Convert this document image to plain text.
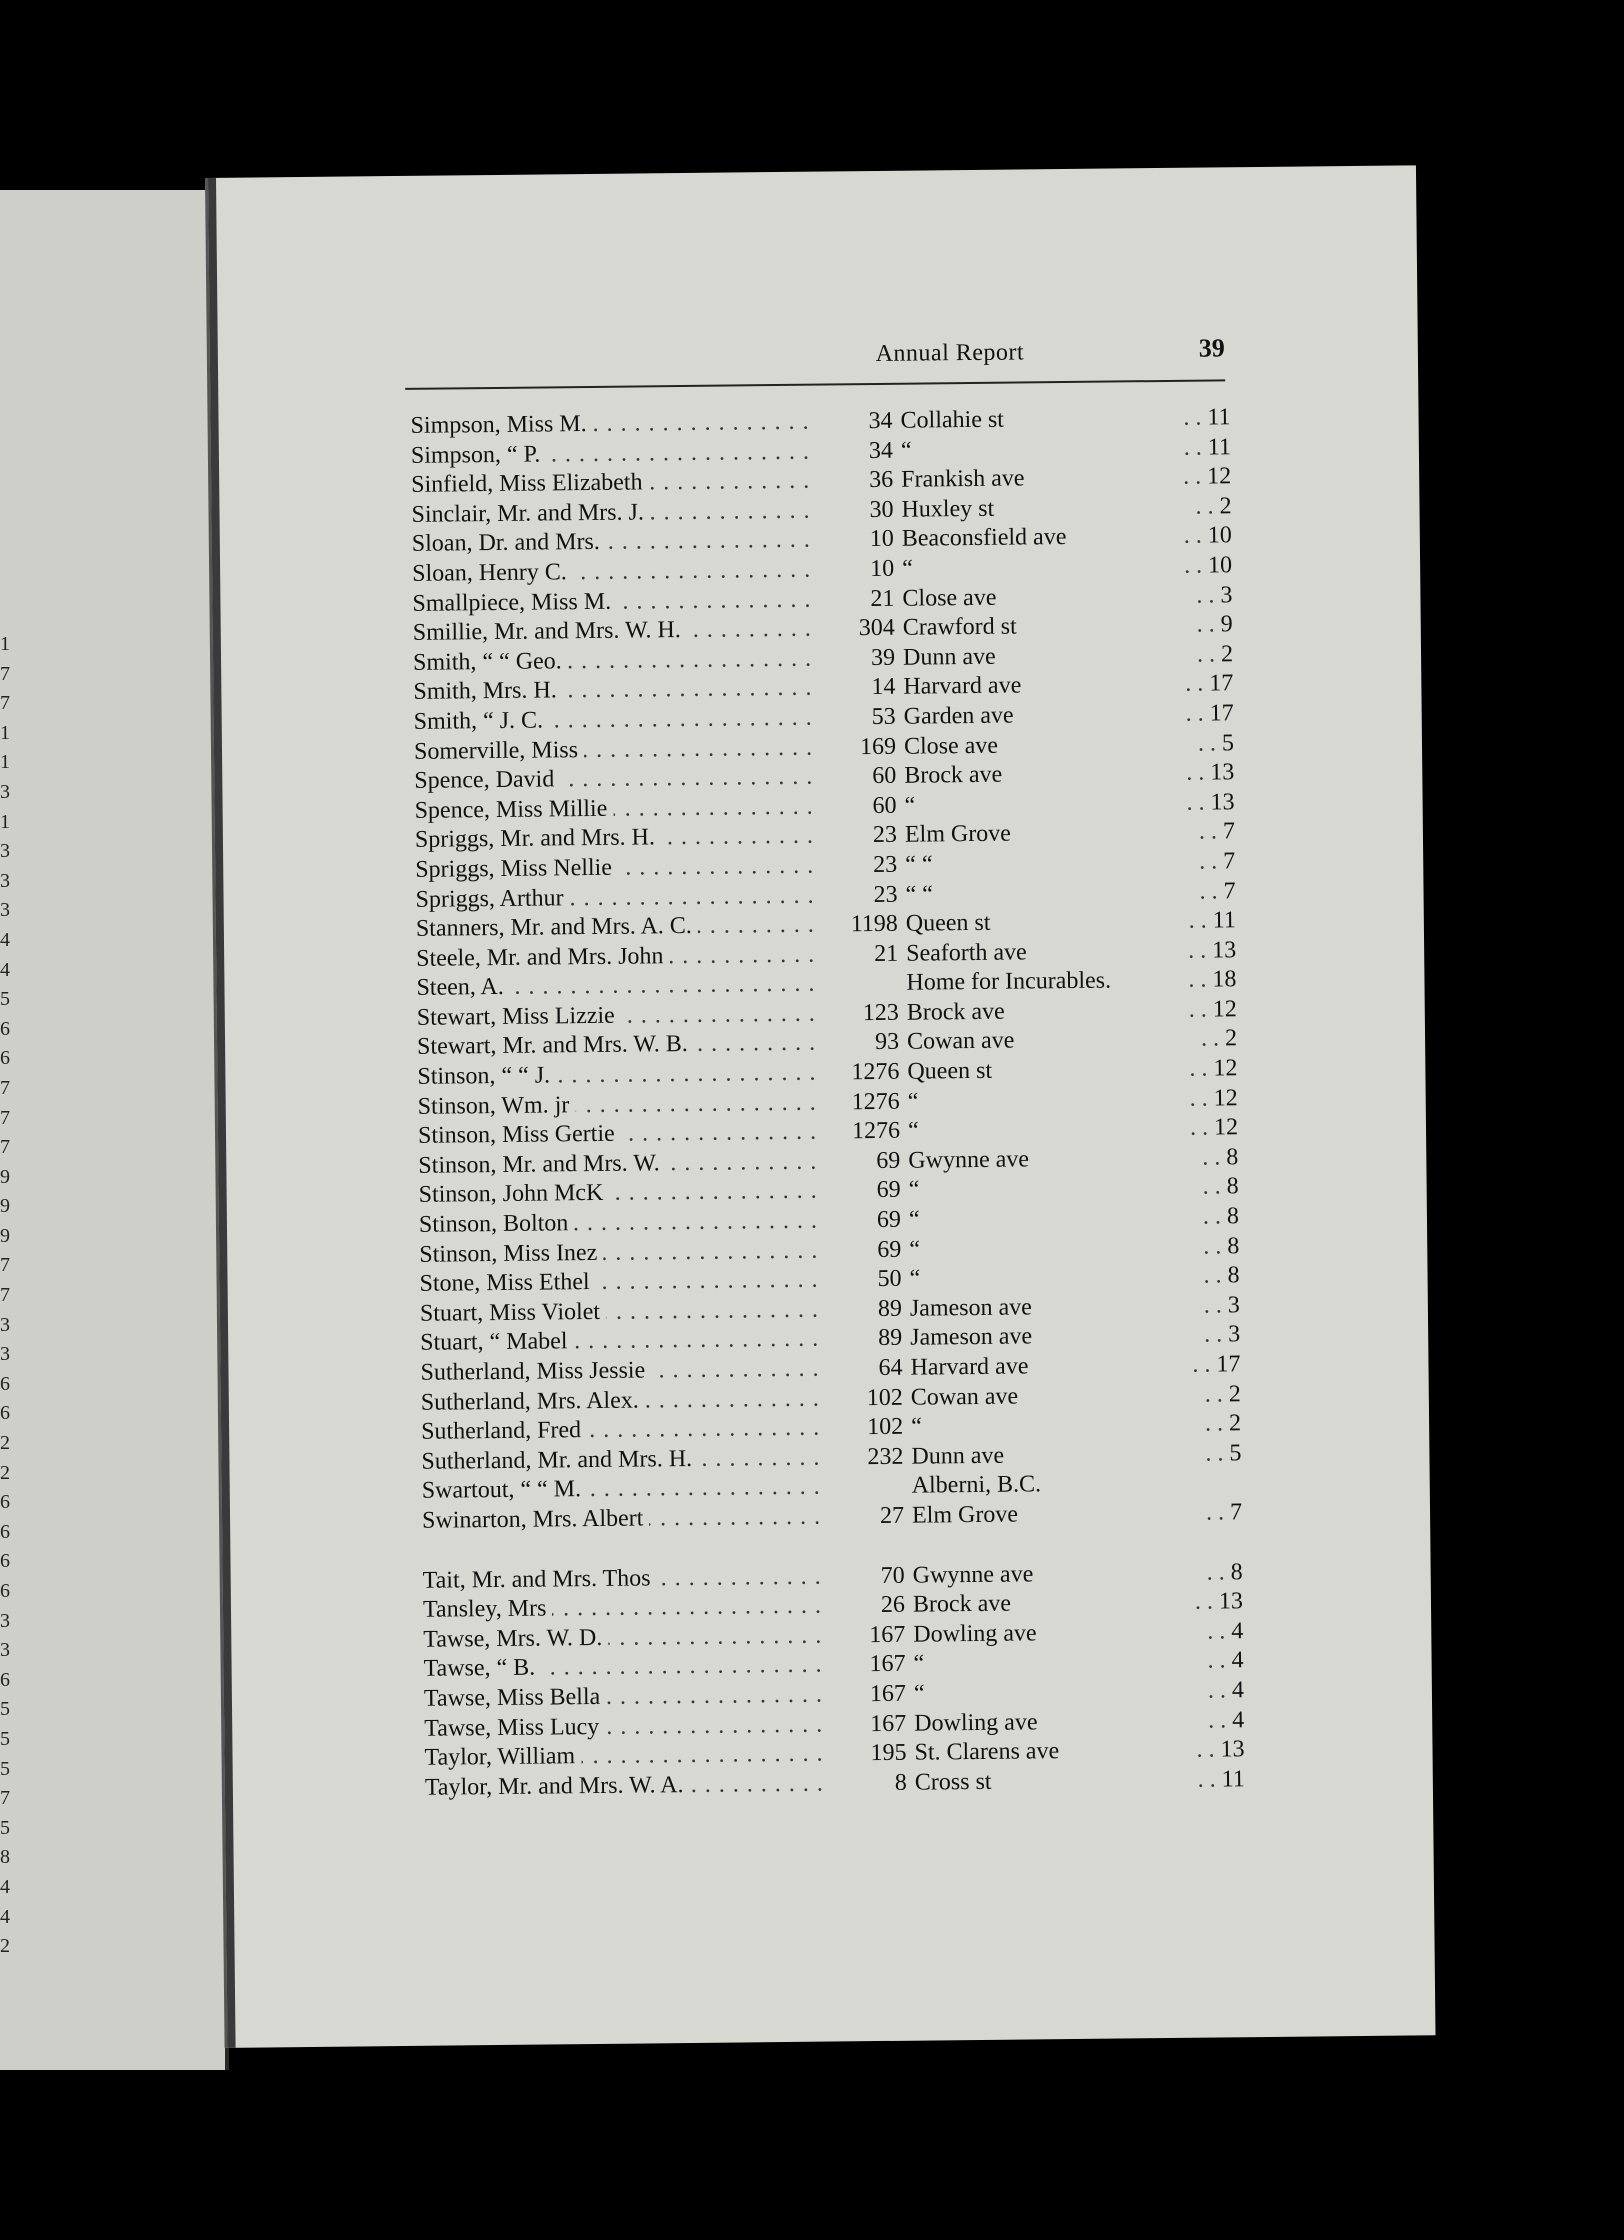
1
7
7
1
1
3
1
3
3
3
4
4
5
6
6
7
7
7
9
9
9
7
7
3
3
6
6
2
2
6
6
6
6
3
3
6
5
5
5
7
5
8
4
4
2
Annual Report	39
Simpson, Miss M. . . .	34 Collahie st	. . 11
Simpson, “ P. . . .	34 “	. . 11
Sinfield, Miss Elizabeth . . .	36 Frankish ave	. . 12
Sinclair, Mr. and Mrs. J. . . .	30 Huxley st	. . 2
Sloan, Dr. and Mrs. . . .	10 Beaconsfield ave	. . 10
Sloan, Henry C. . . .	10 “	. . 10
Smallpiece, Miss M. . . .	21 Close ave	. . 3
Smillie, Mr. and Mrs. W. H. . . .	304 Crawford st	. . 9
Smith, “ “ Geo. . . .	39 Dunn ave	. . 2
Smith, Mrs. H. . . .	14 Harvard ave	. . 17
Smith, “ J. C. . . .	53 Garden ave	. . 17
Somerville, Miss . . .	169 Close ave	. . 5
Spence, David . . .	60 Brock ave	. . 13
Spence, Miss Millie . . .	60 “	. . 13
Spriggs, Mr. and Mrs. H. . . .	23 Elm Grove	. . 7
Spriggs, Miss Nellie . . .	23 “ “	. . 7
Spriggs, Arthur . . .	23 “ “	. . 7
Stanners, Mr. and Mrs. A. C. . . .	1198 Queen st	. . 11
Steele, Mr. and Mrs. John . . .	21 Seaforth ave	. . 13
Steen, A. . . .	Home for Incurables.	. . 18
Stewart, Miss Lizzie . . .	123 Brock ave	. . 12
Stewart, Mr. and Mrs. W. B. . . .	93 Cowan ave	. . 2
Stinson, “ “ J. . . .	1276 Queen st	. . 12
Stinson, Wm. jr . . .	1276 “	. . 12
Stinson, Miss Gertie . . .	1276 “	. . 12
Stinson, Mr. and Mrs. W. . . .	69 Gwynne ave	. . 8
Stinson, John McK . . .	69 “	. . 8
Stinson, Bolton . . .	69 “	. . 8
Stinson, Miss Inez . . .	69 “	. . 8
Stone, Miss Ethel . . .	50 “	. . 8
Stuart, Miss Violet . . .	89 Jameson ave	. . 3
Stuart, “ Mabel . . .	89 Jameson ave	. . 3
Sutherland, Miss Jessie . . .	64 Harvard ave	. . 17
Sutherland, Mrs. Alex. . . .	102 Cowan ave	. . 2
Sutherland, Fred . . .	102 “	. . 2
Sutherland, Mr. and Mrs. H. . . .	232 Dunn ave	. . 5
Swartout, “ “ M. . . .	Alberni, B.C.
Swinarton, Mrs. Albert . . .	27 Elm Grove	. . 7
Tait, Mr. and Mrs. Thos . . .	70 Gwynne ave	. . 8
Tansley, Mrs . . .	26 Brock ave	. . 13
Tawse, Mrs. W. D. . . .	167 Dowling ave	. . 4
Tawse, “ B. . . .	167 “	. . 4
Tawse, Miss Bella . . .	167 “	. . 4
Tawse, Miss Lucy . . .	167 Dowling ave	. . 4
Taylor, William . . .	195 St. Clarens ave	. . 13
Taylor, Mr. and Mrs. W. A. . . .	8 Cross st	. . 11
